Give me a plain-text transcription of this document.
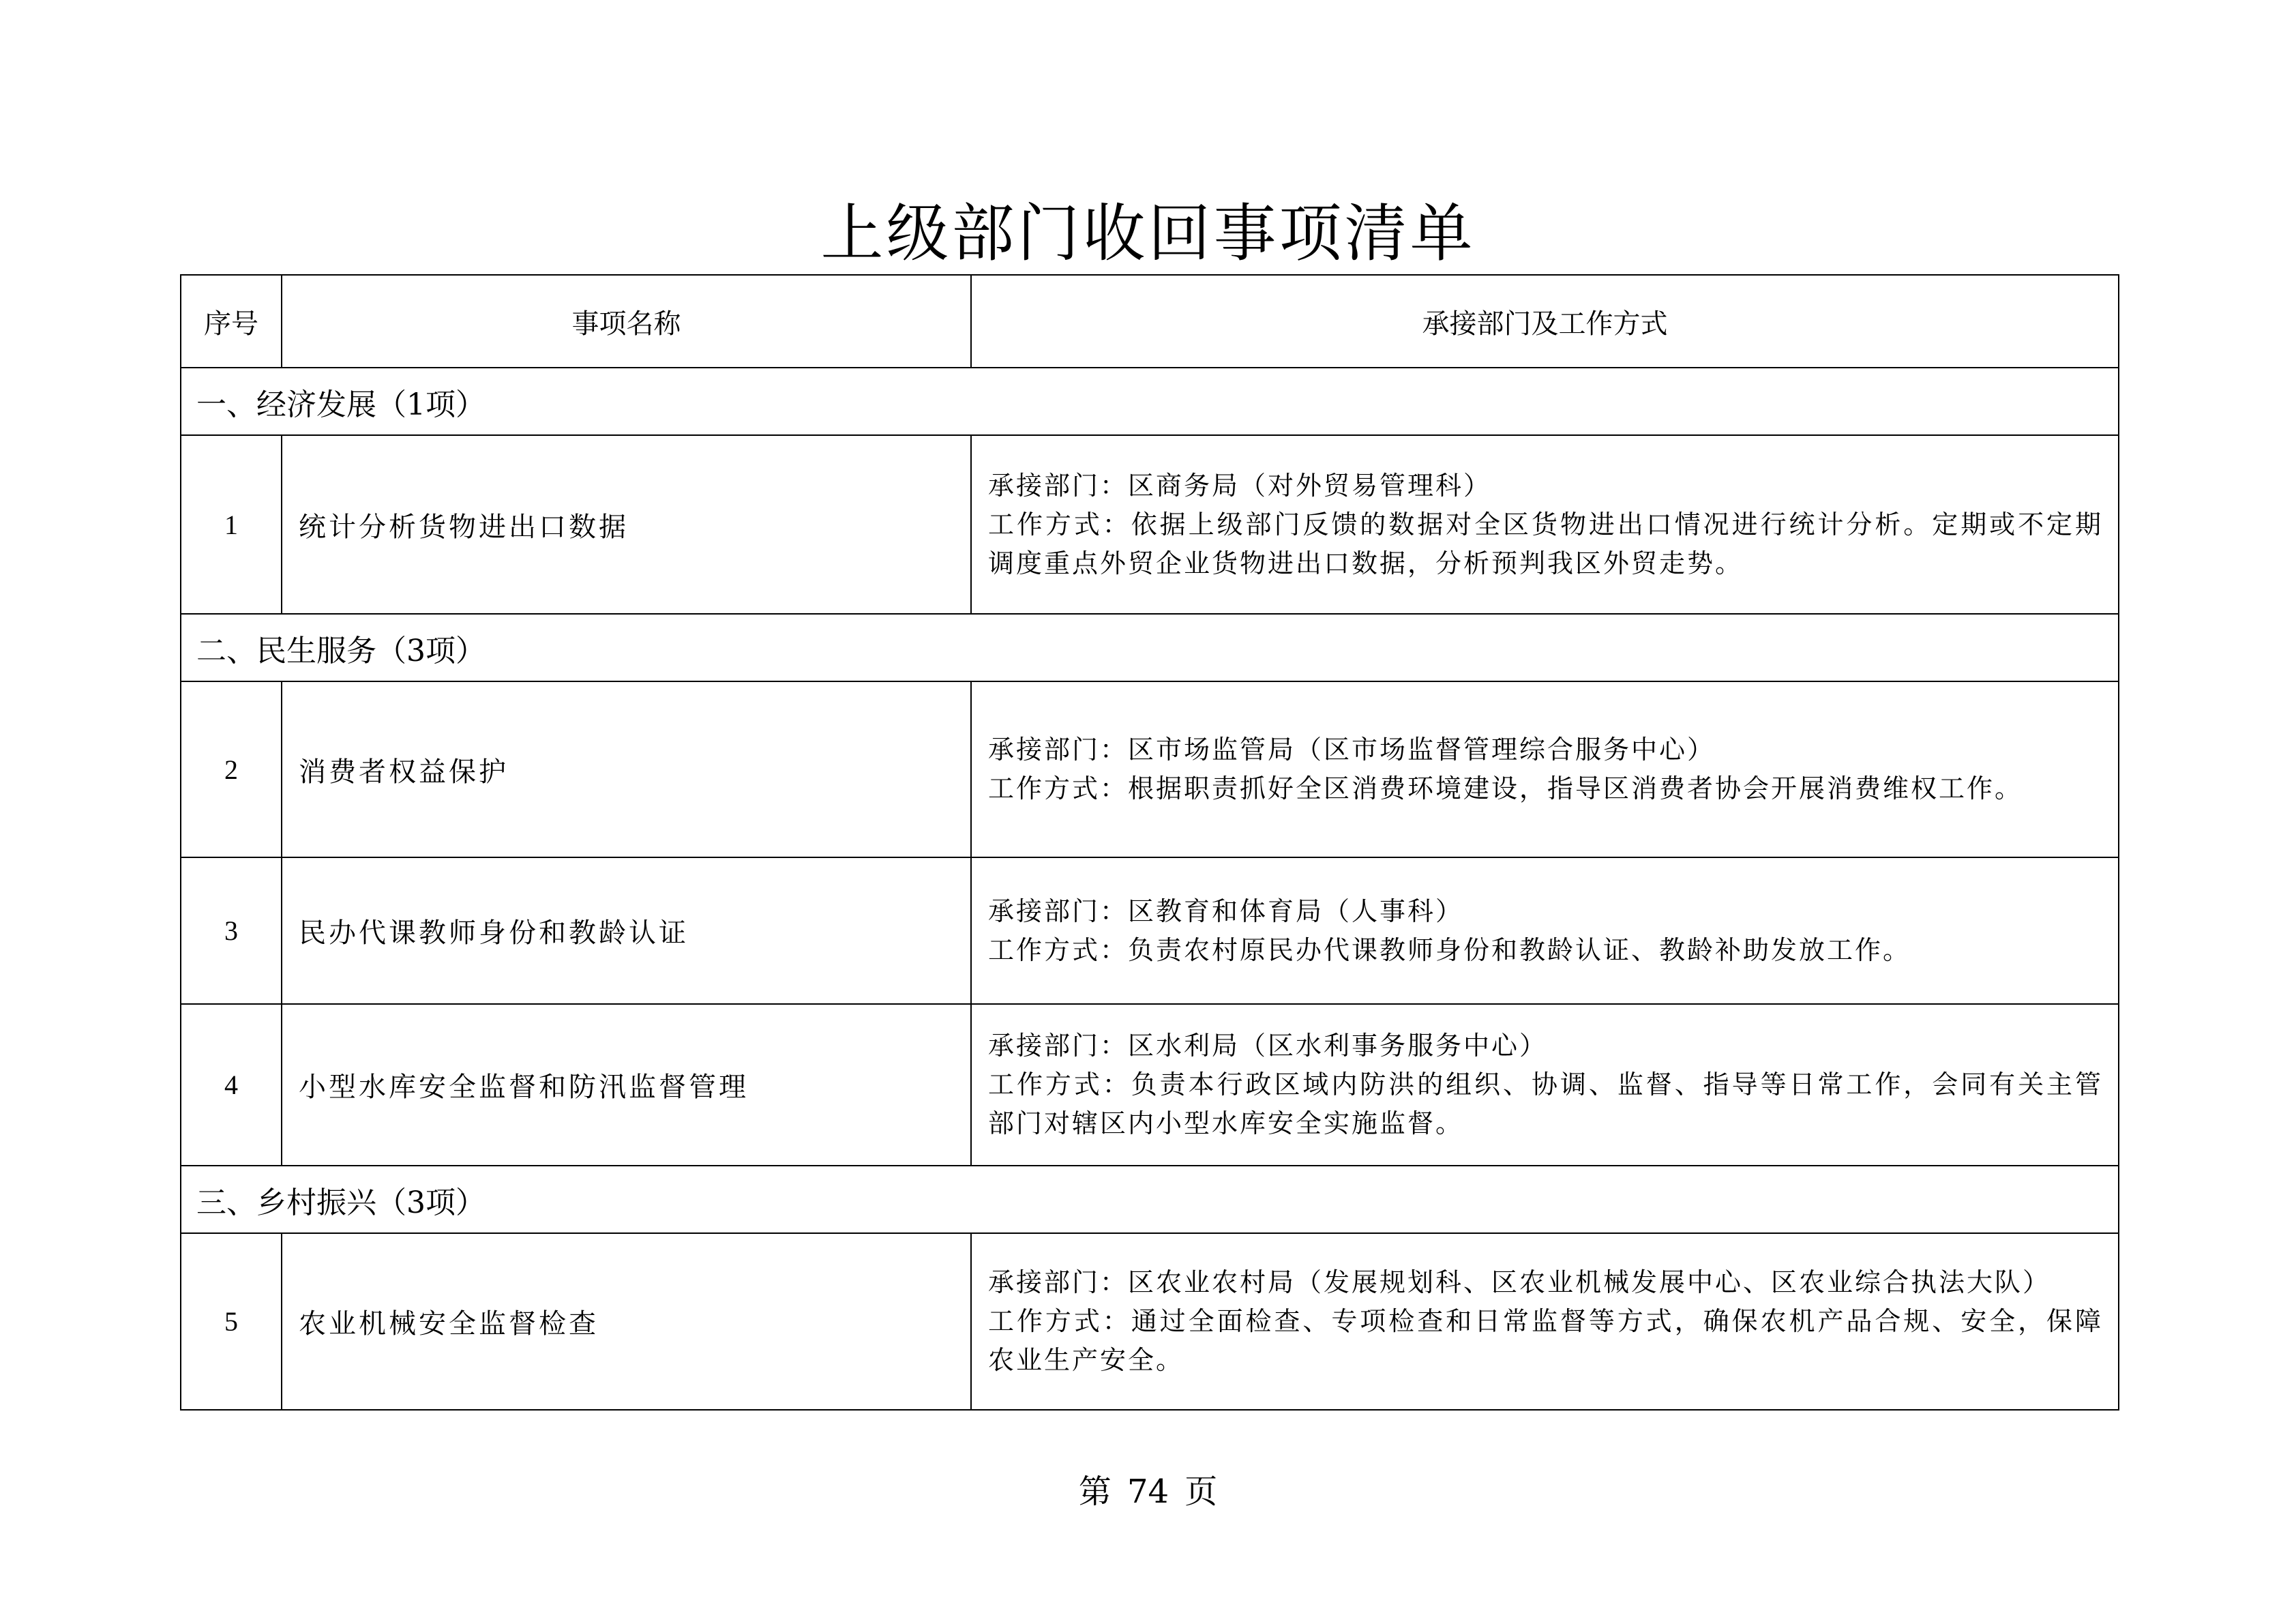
上级部门收回事项清单
序号	事项名称	承接部门及工作方式
一、经济发展（1项）		
1	统计分析货物进出口数据	承接部门：区商务局（对外贸易管理科）
工作方式：依据上级部门反馈的数据对全区货物进出口情况进行统计分析。定期或不定期调度重点外贸企业货物进出口数据，分析预判我区外贸走势。

二、民生服务（3项）		
2	消费者权益保护	承接部门：区市场监管局（区市场监督管理综合服务中心）
工作方式：根据职责抓好全区消费环境建设，指导区消费者协会开展消费维权工作。

3	民办代课教师身份和教龄认证	承接部门：区教育和体育局（人事科）
工作方式：负责农村原民办代课教师身份和教龄认证、教龄补助发放工作。

4	小型水库安全监督和防汛监督管理	承接部门：区水利局（区水利事务服务中心）
工作方式：负责本行政区域内防洪的组织、协调、监督、指导等日常工作，会同有关主管部门对辖区内小型水库安全实施监督。

三、乡村振兴（3项）		
5	农业机械安全监督检查	承接部门：区农业农村局（发展规划科、区农业机械发展中心、区农业综合执法大队）
工作方式：通过全面检查、专项检查和日常监督等方式，确保农机产品合规、安全，保障农业生产安全。
第 74 页
